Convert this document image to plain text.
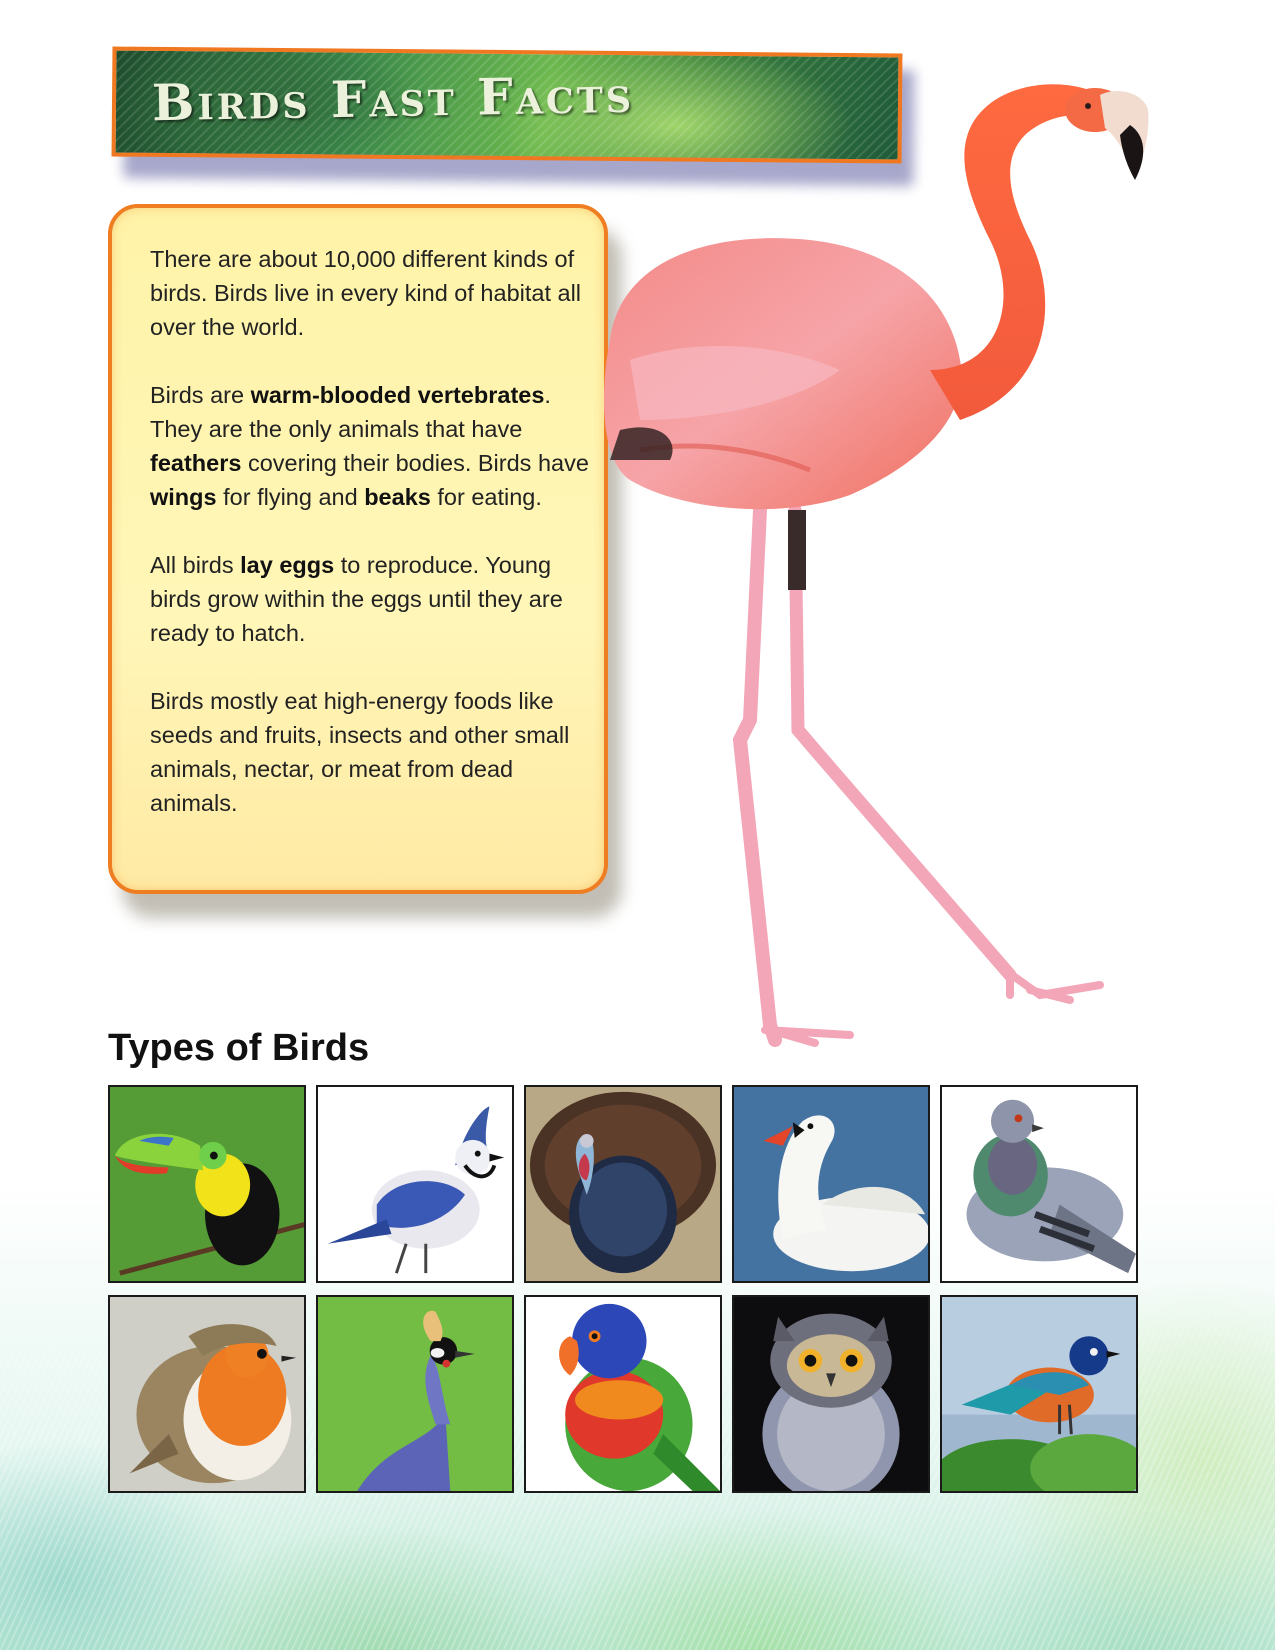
Birds Fast Facts

There are about 10,000 different kinds of birds. Birds live in every kind of habitat all over the world.

Birds are warm-blooded vertebrates. They are the only animals that have feathers covering their bodies. Birds have wings for flying and beaks for eating.

All birds lay eggs to reproduce. Young birds grow within the eggs until they are ready to hatch.

Birds mostly eat high-energy foods like seeds and fruits, insects and other small animals, nectar, or meat from dead animals.

Types of Birds
